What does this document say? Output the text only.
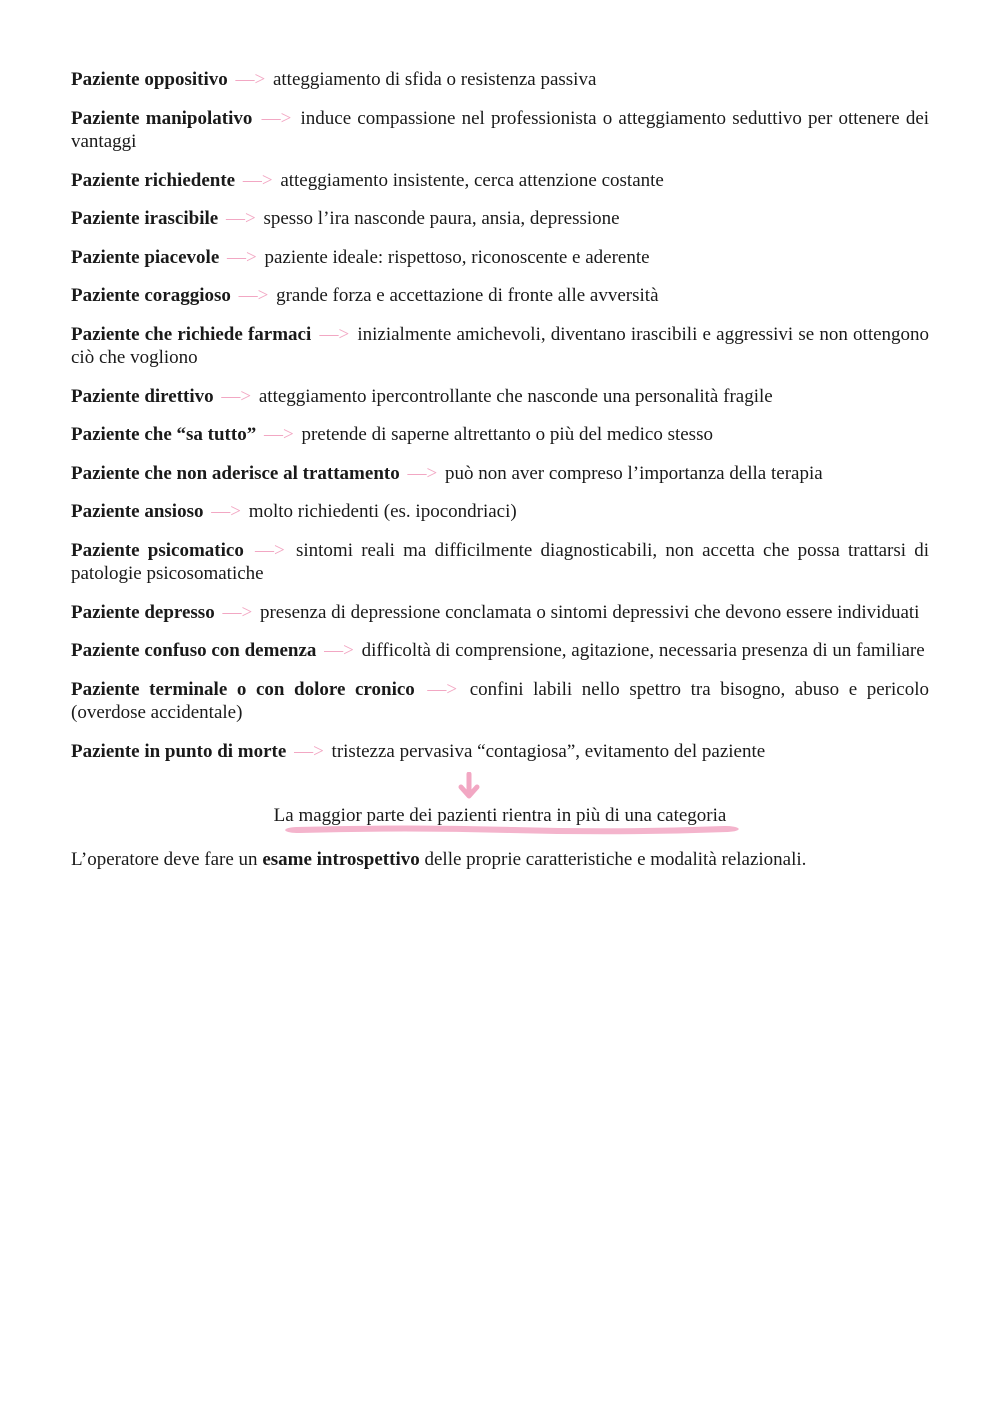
Paziente oppositivo —> atteggiamento di sfida o resistenza passiva

Paziente manipolativo —> induce compassione nel professionista o atteggiamento seduttivo per ottenere dei vantaggi

Paziente richiedente —> atteggiamento insistente, cerca attenzione costante

Paziente irascibile —> spesso l’ira nasconde paura, ansia, depressione

Paziente piacevole —> paziente ideale: rispettoso, riconoscente e aderente

Paziente coraggioso —> grande forza e accettazione di fronte alle avversità

Paziente che richiede farmaci —> inizialmente amichevoli, diventano irascibili e aggressivi se non ottengono ciò che vogliono

Paziente direttivo —> atteggiamento ipercontrollante che nasconde una personalità fragile

Paziente che “sa tutto” —> pretende di saperne altrettanto o più del medico stesso

Paziente che non aderisce al trattamento —> può non aver compreso l’importanza della terapia

Paziente ansioso —> molto richiedenti (es. ipocondriaci)

Paziente psicomatico —> sintomi reali ma difficilmente diagnosticabili, non accetta che possa trattarsi di patologie psicosomatiche

Paziente depresso —> presenza di depressione conclamata o sintomi depressivi che devono essere individuati

Paziente confuso con demenza —> difficoltà di comprensione, agitazione, necessaria presenza di un familiare

Paziente terminale o con dolore cronico —> confini labili nello spettro tra bisogno, abuso e pericolo (overdose accidentale)

Paziente in punto di morte —> tristezza pervasiva “contagiosa”, evitamento del paziente

La maggior parte dei pazienti rientra in più di una categoria

L’operatore deve fare un esame introspettivo delle proprie caratteristiche e modalità relazionali.
